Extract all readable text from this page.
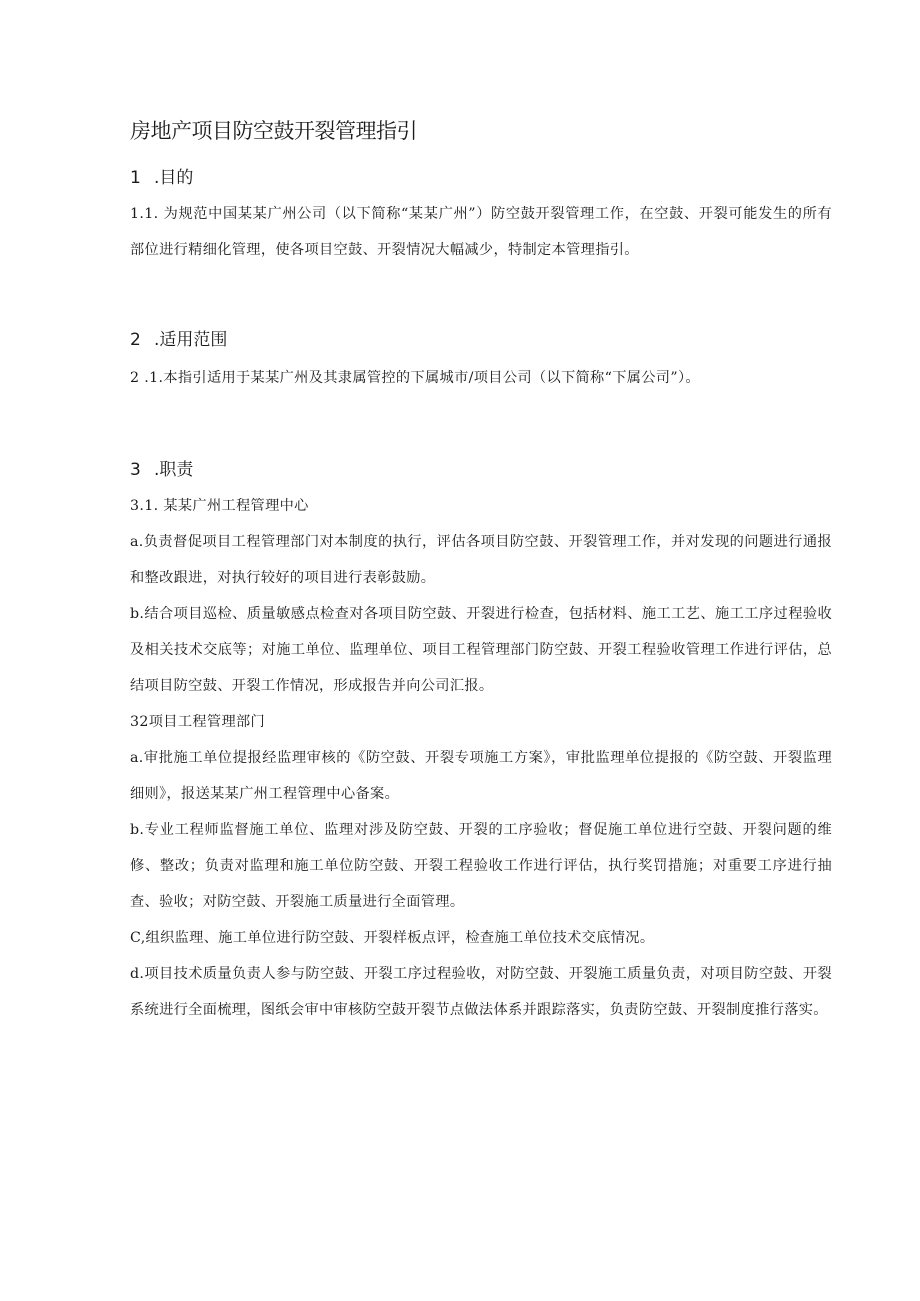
房地产项目防空鼓开裂管理指引
1 .目的

1.1. 为规范中国某某广州公司（以下简称“某某广州”）防空鼓开裂管理工作，在空鼓、开裂可能发生的所有部位进行精细化管理，使各项目空鼓、开裂情况大幅减少，特制定本管理指引。

2 .适用范围

2 .1.本指引适用于某某广州及其隶属管控的下属城市/项目公司（以下简称“下属公司”）。

3 .职责

3.1. 某某广州工程管理中心

a.负责督促项目工程管理部门对本制度的执行，评估各项目防空鼓、开裂管理工作，并对发现的问题进行通报和整改跟进，对执行较好的项目进行表彰鼓励。

b.结合项目巡检、质量敏感点检查对各项目防空鼓、开裂进行检查，包括材料、施工工艺、施工工序过程验收及相关技术交底等；对施工单位、监理单位、项目工程管理部门防空鼓、开裂工程验收管理工作进行评估，总结项目防空鼓、开裂工作情况，形成报告并向公司汇报。

32项目工程管理部门

a.审批施工单位提报经监理审核的《防空鼓、开裂专项施工方案》，审批监理单位提报的《防空鼓、开裂监理细则》，报送某某广州工程管理中心备案。

b.专业工程师监督施工单位、监理对涉及防空鼓、开裂的工序验收；督促施工单位进行空鼓、开裂问题的维修、整改；负责对监理和施工单位防空鼓、开裂工程验收工作进行评估，执行奖罚措施；对重要工序进行抽查、验收；对防空鼓、开裂施工质量进行全面管理。

C,组织监理、施工单位进行防空鼓、开裂样板点评，检查施工单位技术交底情况。

d.项目技术质量负责人参与防空鼓、开裂工序过程验收，对防空鼓、开裂施工质量负责，对项目防空鼓、开裂系统进行全面梳理，图纸会审中审核防空鼓开裂节点做法体系并跟踪落实，负责防空鼓、开裂制度推行落实。
